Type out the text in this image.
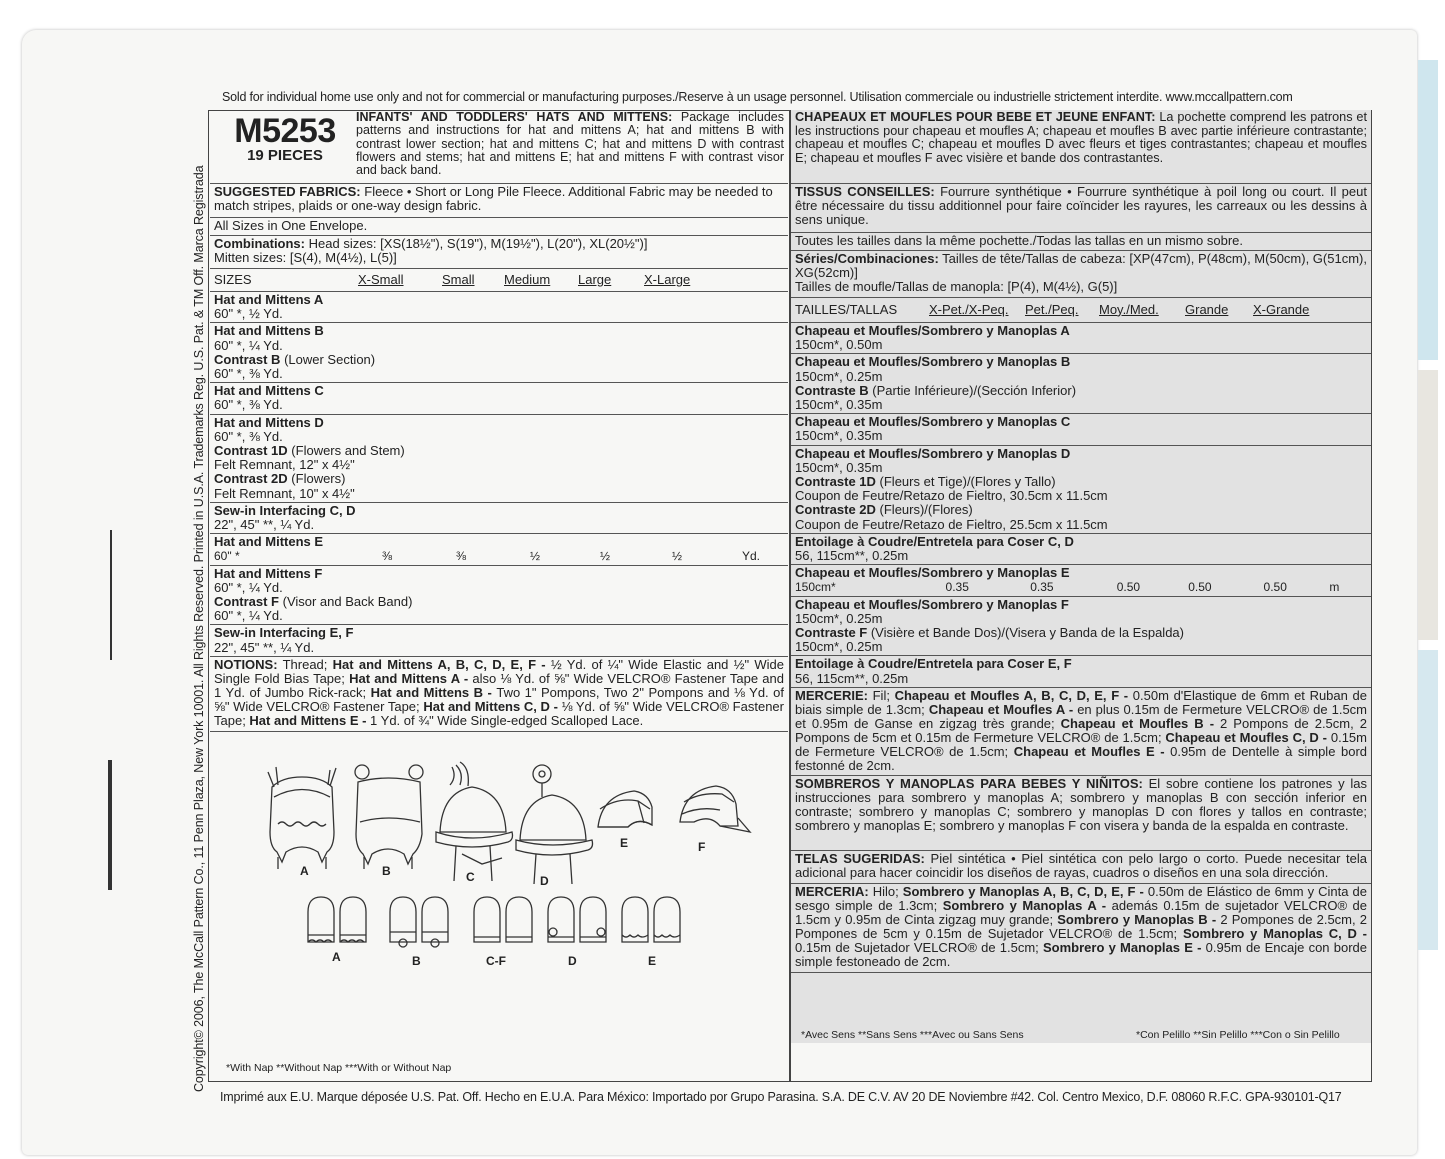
Sold for individual home use only and not for commercial or manufacturing purposes./Reserve à un usage personnel. Utilisation commerciale ou industrielle strictement interdite. www.mccallpattern.com
Copyright© 2006, The McCall Pattern Co., 11 Penn Plaza, New York 10001. All Rights Reserved. Printed in U.S.A. Trademarks Reg. U.S. Pat. & TM Off. Marca Registrada
M5253
19 PIECES
INFANTS' AND TODDLERS' HATS AND MITTENS: Package includes patterns and instructions for hat and mittens A; hat and mittens B with contrast lower section; hat and mittens C; hat and mittens D with contrast flowers and stems; hat and mittens E; hat and mittens F with contrast visor and back band.
SUGGESTED FABRICS: Fleece • Short or Long Pile Fleece. Additional Fabric may be needed to match stripes, plaids or one-way design fabric.
All Sizes in One Envelope.
Combinations: Head sizes: [XS(18½"), S(19"), M(19½"), L(20"), XL(20½")]
Mitten sizes: [S(4), M(4½), L(5)]
SIZES	X-Small	Small	Medium	Large	X-Large
Hat and Mittens A
60" *, ½ Yd.
Hat and Mittens B
60" *, ¼ Yd.
Contrast B (Lower Section)
60" *, ⅜ Yd.
Hat and Mittens C
60" *, ⅜ Yd.
Hat and Mittens D
60" *, ⅜ Yd.
Contrast 1D (Flowers and Stem)
Felt Remnant, 12" x 4½"
Contrast 2D (Flowers)
Felt Remnant, 10" x 4½"
Sew-in Interfacing C, D
22", 45" **, ¼ Yd.
Hat and Mittens E
60" *	⅜	⅜	½	½	½	Yd.
Hat and Mittens F
60" *, ¼ Yd.
Contrast F (Visor and Back Band)
60" *, ¼ Yd.
Sew-in Interfacing E, F
22", 45" **, ¼ Yd.
NOTIONS: Thread; Hat and Mittens A, B, C, D, E, F - ½ Yd. of ¼" Wide Elastic and ½" Wide Single Fold Bias Tape; Hat and Mittens A - also ⅛ Yd. of ⅝" Wide VELCRO® Fastener Tape and 1 Yd. of Jumbo Rick-rack; Hat and Mittens B - Two 1" Pompons, Two 2" Pompons and ⅛ Yd. of ⅝" Wide VELCRO® Fastener Tape; Hat and Mittens C, D - ⅛ Yd. of ⅝" Wide VELCRO® Fastener Tape; Hat and Mittens E - 1 Yd. of ¾" Wide Single-edged Scalloped Lace.
A	B	C	D
E	F
A	B	C-F	D	E
*With Nap **Without Nap ***With or Without Nap
CHAPEAUX ET MOUFLES POUR BEBE ET JEUNE ENFANT: La pochette comprend les patrons et les instructions pour chapeau et moufles A; chapeau et moufles B avec partie inférieure contrastante; chapeau et moufles C; chapeau et moufles D avec fleurs et tiges contrastantes; chapeau et moufles E; chapeau et moufles F avec visière et bande dos contrastantes.
TISSUS CONSEILLES: Fourrure synthétique • Fourrure synthétique à poil long ou court. Il peut être nécessaire du tissu additionnel pour faire coïncider les rayures, les carreaux ou les dessins à sens unique.
Toutes les tailles dans la même pochette./Todas las tallas en un mismo sobre.
Séries/Combinaciones: Tailles de tête/Tallas de cabeza: [XP(47cm), P(48cm), M(50cm), G(51cm), XG(52cm)]
Tailles de moufle/Tallas de manopla: [P(4), M(4½), G(5)]
TAILLES/TALLAS	X-Pet./X-Peq.	Pet./Peq.	Moy./Med.	Grande	X-Grande
Chapeau et Moufles/Sombrero y Manoplas A
150cm*, 0.50m
Chapeau et Moufles/Sombrero y Manoplas B
150cm*, 0.25m
Contraste B (Partie Inférieure)/(Sección Inferior)
150cm*, 0.35m
Chapeau et Moufles/Sombrero y Manoplas C
150cm*, 0.35m
Chapeau et Moufles/Sombrero y Manoplas D
150cm*, 0.35m
Contraste 1D (Fleurs et Tige)/(Flores y Tallo)
Coupon de Feutre/Retazo de Fieltro, 30.5cm x 11.5cm
Contraste 2D (Fleurs)/(Flores)
Coupon de Feutre/Retazo de Fieltro, 25.5cm x 11.5cm
Entoilage à Coudre/Entretela para Coser C, D
56, 115cm**, 0.25m
Chapeau et Moufles/Sombrero y Manoplas E
150cm*	0.35	0.35	0.50	0.50	0.50	m
Chapeau et Moufles/Sombrero y Manoplas F
150cm*, 0.25m
Contraste F (Visière et Bande Dos)/(Visera y Banda de la Espalda)
150cm*, 0.25m
Entoilage à Coudre/Entretela para Coser E, F
56, 115cm**, 0.25m
MERCERIE: Fil; Chapeau et Moufles A, B, C, D, E, F - 0.50m d'Elastique de 6mm et Ruban de biais simple de 1.3cm; Chapeau et Moufles A - en plus 0.15m de Fermeture VELCRO® de 1.5cm et 0.95m de Ganse en zigzag très grande; Chapeau et Moufles B - 2 Pompons de 2.5cm, 2 Pompons de 5cm et 0.15m de Fermeture VELCRO® de 1.5cm; Chapeau et Moufles C, D - 0.15m de Fermeture VELCRO® de 1.5cm; Chapeau et Moufles E - 0.95m de Dentelle à simple bord festonné de 2cm.
SOMBREROS Y MANOPLAS PARA BEBES Y NIÑITOS: El sobre contiene los patrones y las instrucciones para sombrero y manoplas A; sombrero y manoplas B con sección inferior en contraste; sombrero y manoplas C; sombrero y manoplas D con flores y tallos en contraste; sombrero y manoplas E; sombrero y manoplas F con visera y banda de la espalda en contraste.
TELAS SUGERIDAS: Piel sintética • Piel sintética con pelo largo o corto. Puede necesitar tela adicional para hacer coincidir los diseños de rayas, cuadros o diseños en una sola dirección.
MERCERIA: Hilo; Sombrero y Manoplas A, B, C, D, E, F - 0.50m de Elástico de 6mm y Cinta de sesgo simple de 1.3cm; Sombrero y Manoplas A - además 0.15m de sujetador VELCRO® de 1.5cm y 0.95m de Cinta zigzag muy grande; Sombrero y Manoplas B - 2 Pompones de 2.5cm, 2 Pompones de 5cm y 0.15m de Sujetador VELCRO® de 1.5cm; Sombrero y Manoplas C, D - 0.15m de Sujetador VELCRO® de 1.5cm; Sombrero y Manoplas E - 0.95m de Encaje con borde simple festoneado de 2cm.
*Avec Sens **Sans Sens ***Avec ou Sans Sens	*Con Pelillo **Sin Pelillo ***Con o Sin Pelillo
Imprimé aux E.U. Marque déposée U.S. Pat. Off. Hecho en E.U.A. Para México: Importado por Grupo Parasina. S.A. DE C.V. AV 20 DE Noviembre #42. Col. Centro Mexico, D.F. 08060 R.F.C. GPA-930101-Q17
